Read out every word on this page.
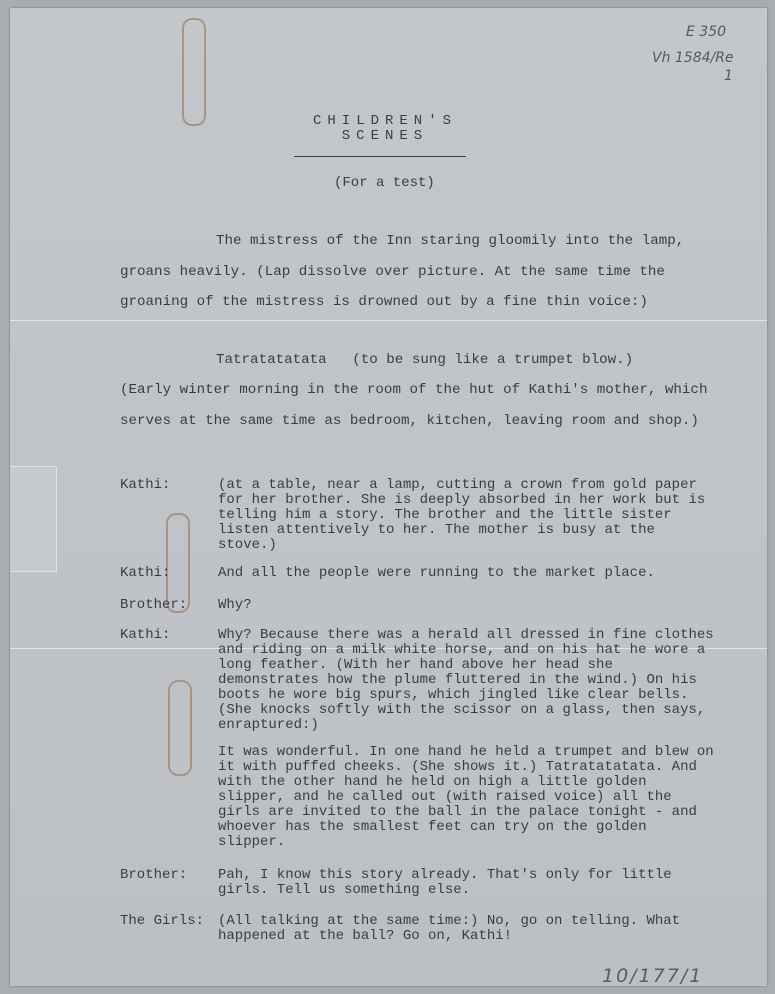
E 350
Vh 1584/Re
1
CHILDREN'S
SCENES
(For a test)
The mistress of the Inn staring gloomily into the lamp, groans heavily. (Lap dissolve over picture. At the same time the groaning of the mistress is drowned out by a fine thin voice:)
Tatratatatata   (to be sung like a trumpet blow.)
(Early winter morning in the room of the hut of Kathi's mother, which serves at the same time as bedroom, kitchen, leaving room and shop.)
Kathi:	(at a table, near a lamp, cutting a crown from gold paper for her brother. She is deeply absorbed in her work but is telling him a story. The brother and the little sister listen attentively to her. The mother is busy at the stove.)

Kathi:	And all the people were running to the market place.

Brother: Why?

Kathi:	Why? Because there was a herald all dressed in fine clothes and riding on a milk white horse, and on his hat he wore a long feather. (With her hand above her head she demonstrates how the plume fluttered in the wind.) On his boots he wore big spurs, which jingled like clear bells. (She knocks softly with the scissor on a glass, then says, enraptured:)

It was wonderful. In one hand he held a trumpet and blew on it with puffed cheeks. (She shows it.) Tatratatatata. And with the other hand he held on high a little golden slipper, and he called out (with raised voice) all the girls are invited to the ball in the palace tonight - and whoever has the smallest feet can try on the golden slipper.

Brother: Pah, I know this story already. That's only for little girls. Tell us something else.

The Girls: (All talking at the same time:) No, go on telling. What happened at the ball? Go on, Kathi!

10/177/1
